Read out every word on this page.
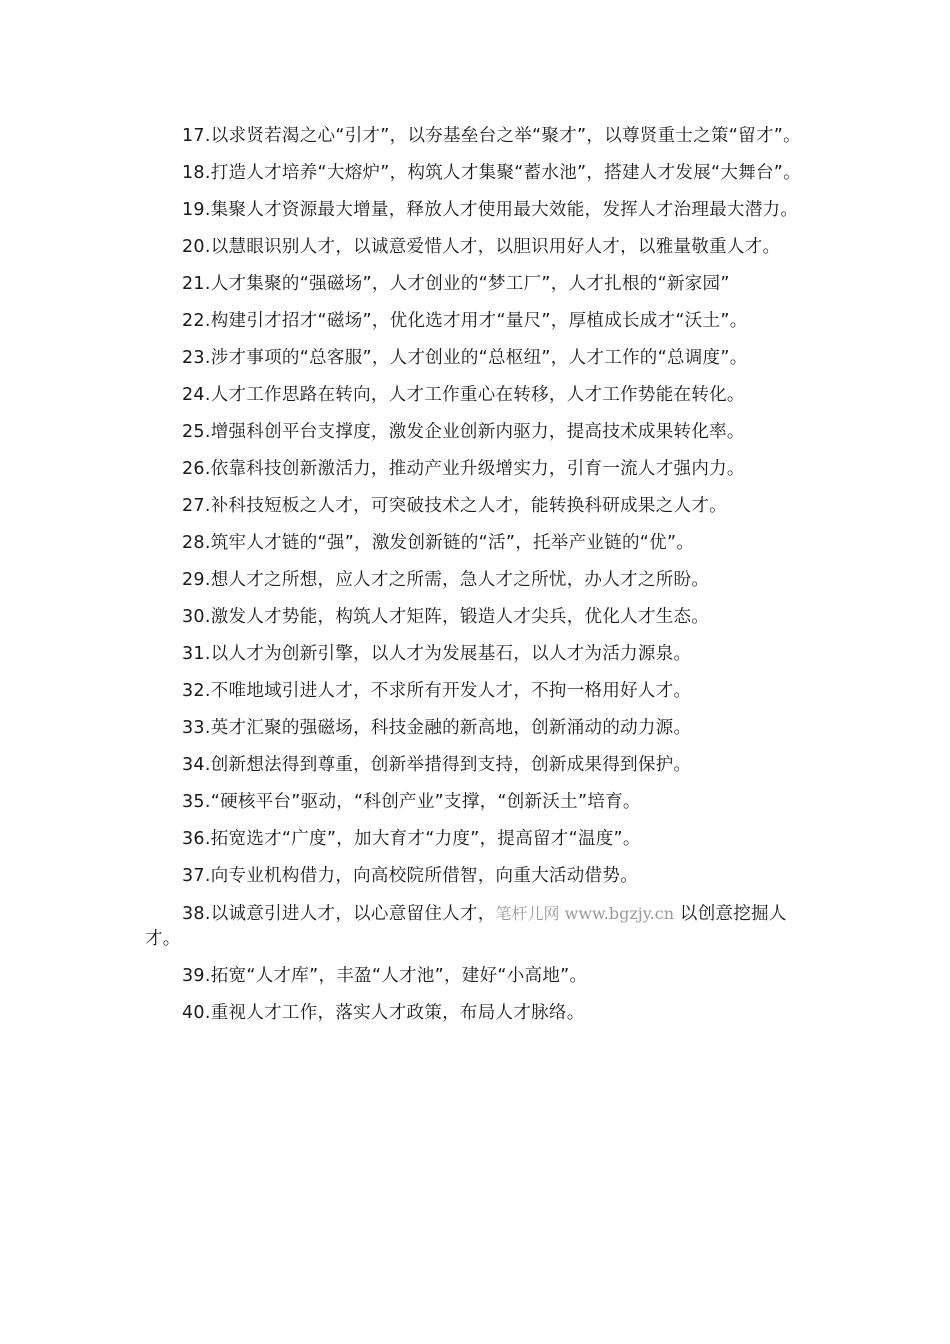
17.以求贤若渴之心“引才”，以夯基垒台之举“聚才”，以尊贤重士之策“留才”。

18.打造人才培养“大熔炉”，构筑人才集聚“蓄水池”，搭建人才发展“大舞台”。

19.集聚人才资源最大增量，释放人才使用最大效能，发挥人才治理最大潜力。

20.以慧眼识别人才，以诚意爱惜人才，以胆识用好人才，以雅量敬重人才。

21.人才集聚的“强磁场”，人才创业的“梦工厂”，人才扎根的“新家园”

22.构建引才招才“磁场”，优化选才用才“量尺”，厚植成长成才“沃土”。

23.涉才事项的“总客服”，人才创业的“总枢纽”，人才工作的“总调度”。

24.人才工作思路在转向，人才工作重心在转移，人才工作势能在转化。

25.增强科创平台支撑度，激发企业创新内驱力，提高技术成果转化率。

26.依靠科技创新激活力，推动产业升级增实力，引育一流人才强内力。

27.补科技短板之人才，可突破技术之人才，能转换科研成果之人才。

28.筑牢人才链的“强”，激发创新链的“活”，托举产业链的“优”。

29.想人才之所想，应人才之所需，急人才之所忧，办人才之所盼。

30.激发人才势能，构筑人才矩阵，锻造人才尖兵，优化人才生态。

31.以人才为创新引擎，以人才为发展基石，以人才为活力源泉。

32.不唯地域引进人才，不求所有开发人才，不拘一格用好人才。

33.英才汇聚的强磁场，科技金融的新高地，创新涌动的动力源。

34.创新想法得到尊重，创新举措得到支持，创新成果得到保护。

35.“硬核平台”驱动，“科创产业”支撑，“创新沃土”培育。

36.拓宽选才“广度”，加大育才“力度”，提高留才“温度”。

37.向专业机构借力，向高校院所借智，向重大活动借势。

38.以诚意引进人才，以心意留住人才，笔杆儿网 www.bgzjy.cn 以创意挖掘人才。

39.拓宽“人才库”，丰盈“人才池”，建好“小高地”。

40.重视人才工作，落实人才政策，布局人才脉络。
